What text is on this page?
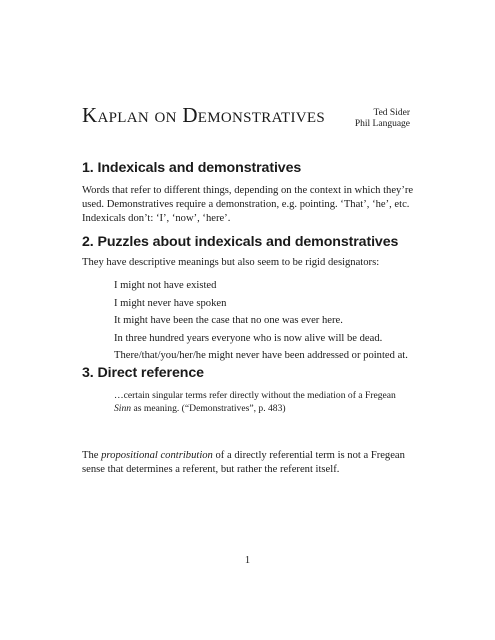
Kaplan on Demonstratives	Ted Sider
Phil Language
1. Indexicals and demonstratives
Words that refer to different things, depending on the context in which they’re used. Demonstratives require a demonstration, e.g. pointing. ‘That’, ‘he’, etc. Indexicals don’t: ‘I’, ‘now’, ‘here’.
2. Puzzles about indexicals and demonstratives
They have descriptive meanings but also seem to be rigid designators:
I might not have existed
I might never have spoken
It might have been the case that no one was ever here.
In three hundred years everyone who is now alive will be dead.
There/that/you/her/he might never have been addressed or pointed at.
3. Direct reference
…certain singular terms refer directly without the mediation of a Fregean Sinn as meaning. (“Demonstratives”, p. 483)
The propositional contribution of a directly referential term is not a Fregean sense that determines a referent, but rather the referent itself.
1
